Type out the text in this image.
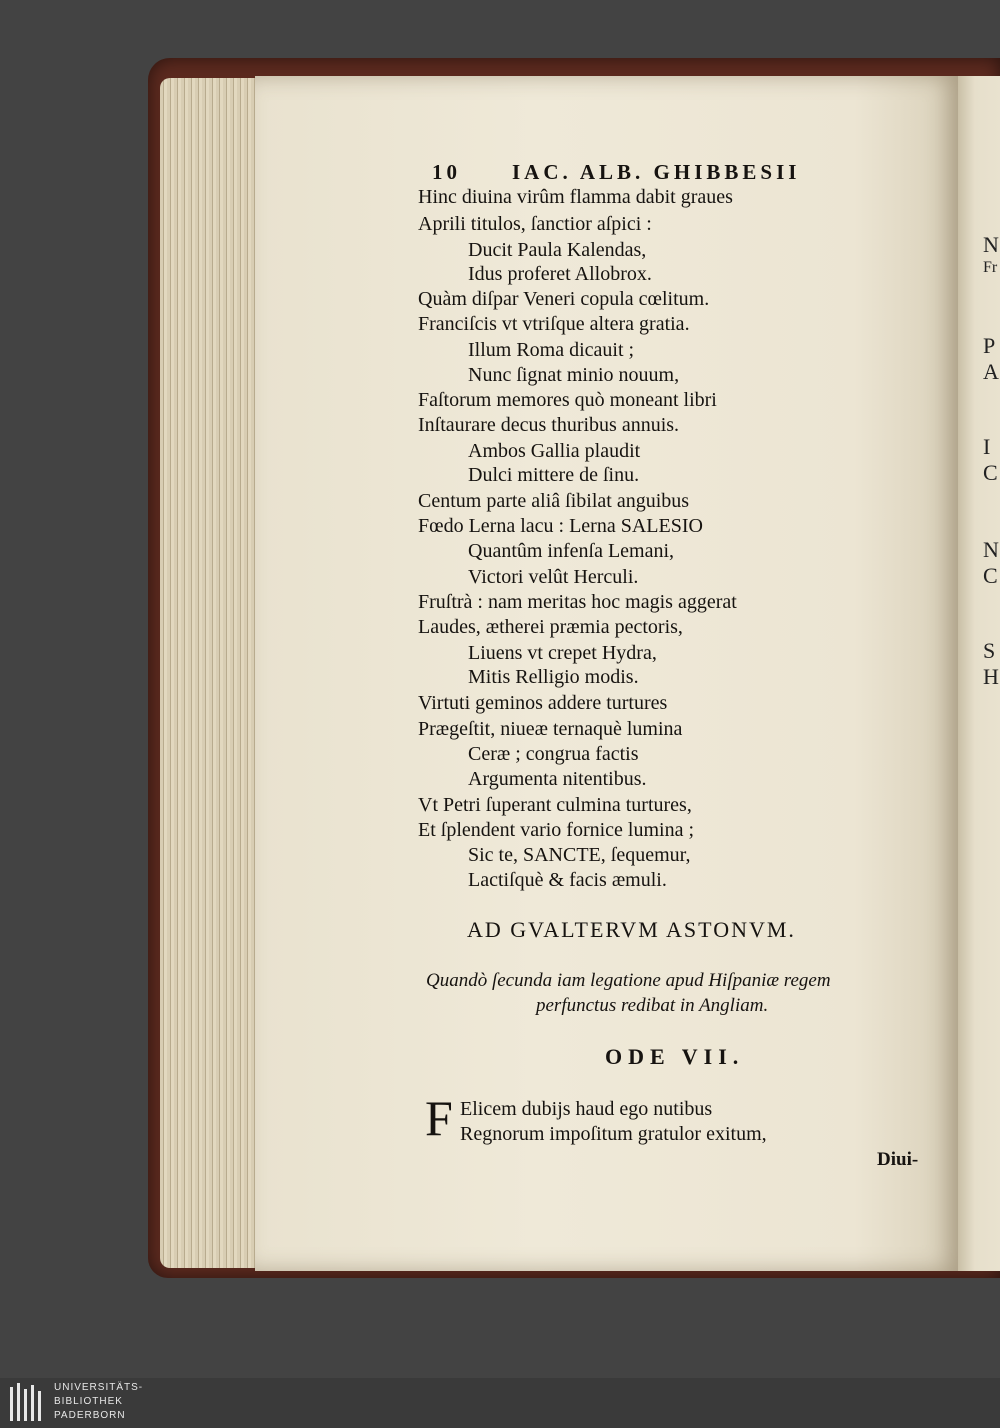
N
Fr
P
A
I
C
N
C
S
H
10 IAC. ALB. GHIBBESII
Hinc diuina virûm flamma dabit graues
Aprili titulos, ſanctior aſpici :
Ducit Paula Kalendas,
Idus proferet Allobrox.
Quàm diſpar Veneri copula cœlitum.
Franciſcis vt vtriſque altera gratia.
Illum Roma dicauit ;
Nunc ſignat minio nouum,
Faſtorum memores quò moneant libri
Inſtaurare decus thuribus annuis.
Ambos Gallia plaudit
Dulci mittere de ſinu.
Centum parte aliâ ſibilat anguibus
Fœdo Lerna lacu : Lerna SALESIO
Quantûm infenſa Lemani,
Victori velût Herculi.
Fruſtrà : nam meritas hoc magis aggerat
Laudes, ætherei præmia pectoris,
Liuens vt crepet Hydra,
Mitis Relligio modis.
Virtuti geminos addere turtures
Prægeſtit, niueæ ternaquè lumina
Ceræ ; congrua factis
Argumenta nitentibus.
Vt Petri ſuperant culmina turtures,
Et ſplendent vario fornice lumina ;
Sic te, SANCTE, ſequemur,
Lactiſquè & facis æmuli.
AD GVALTERVM ASTONVM.
Quandò ſecunda iam legatione apud Hiſpaniæ regem
perfunctus redibat in Angliam.
ODE VII.
F Elicem dubijs haud ego nutibus
Regnorum impoſitum gratulor exitum,
Diui-
UNIVERSITÄTS-
BIBLIOTHEK
PADERBORN
